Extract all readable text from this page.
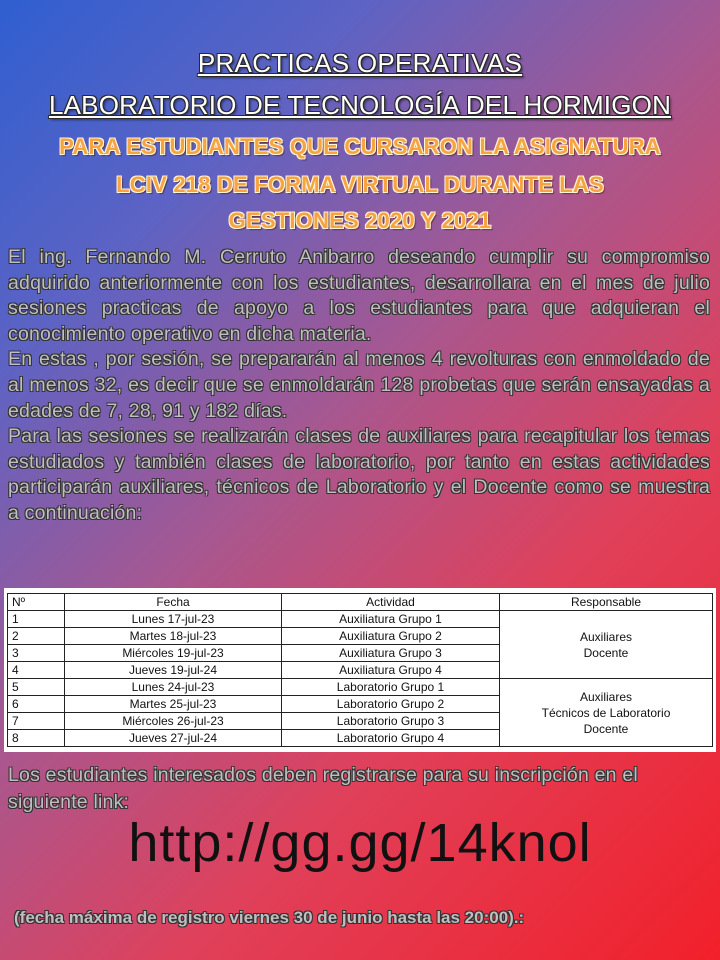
PRACTICAS OPERATIVAS
LABORATORIO DE TECNOLOGÍA DEL HORMIGON
PARA ESTUDIANTES QUE CURSARON LA ASIGNATURA
LCIV 218 DE FORMA VIRTUAL DURANTE LAS
GESTIONES 2020 Y 2021

El ing. Fernando M. Cerruto Anibarro deseando cumplir su compromiso adquirido anteriormente con los estudiantes, desarrollara en el mes de julio sesiones practicas de apoyo a los estudiantes para que adquieran el conocimiento operativo en dicha materia.

En estas , por sesión, se prepararán al menos 4 revolturas con enmoldado de al menos 32, es decir que se enmoldarán 128 probetas que serán ensayadas a edades de 7, 28, 91 y 182 días.

Para las sesiones se realizarán clases de auxiliares para recapitular los temas estudiados y también clases de laboratorio, por tanto en estas actividades participarán auxiliares, técnicos de Laboratorio y el Docente como se muestra a continuación:

Nº	Fecha	Actividad	Responsable
1	Lunes 17-jul-23	Auxiliatura Grupo 1	Auxiliares
Docente

2	Martes 18-jul-23	Auxiliatura Grupo 2	
3	Miércoles 19-jul-23	Auxiliatura Grupo 3	
4	Jueves 19-jul-24	Auxiliatura Grupo 4	
5	Lunes 24-jul-23	Laboratorio Grupo 1	Auxiliares
Técnicos de Laboratorio
Docente

6	Martes 25-jul-23	Laboratorio Grupo 2	
7	Miércoles 26-jul-23	Laboratorio Grupo 3	
8	Jueves 27-jul-24	Laboratorio Grupo 4	
Los estudiantes interesados deben registrarse para su inscripción en el siguiente link:
http://gg.gg/14knol
(fecha máxima de registro viernes 30 de junio hasta las 20:00).:
